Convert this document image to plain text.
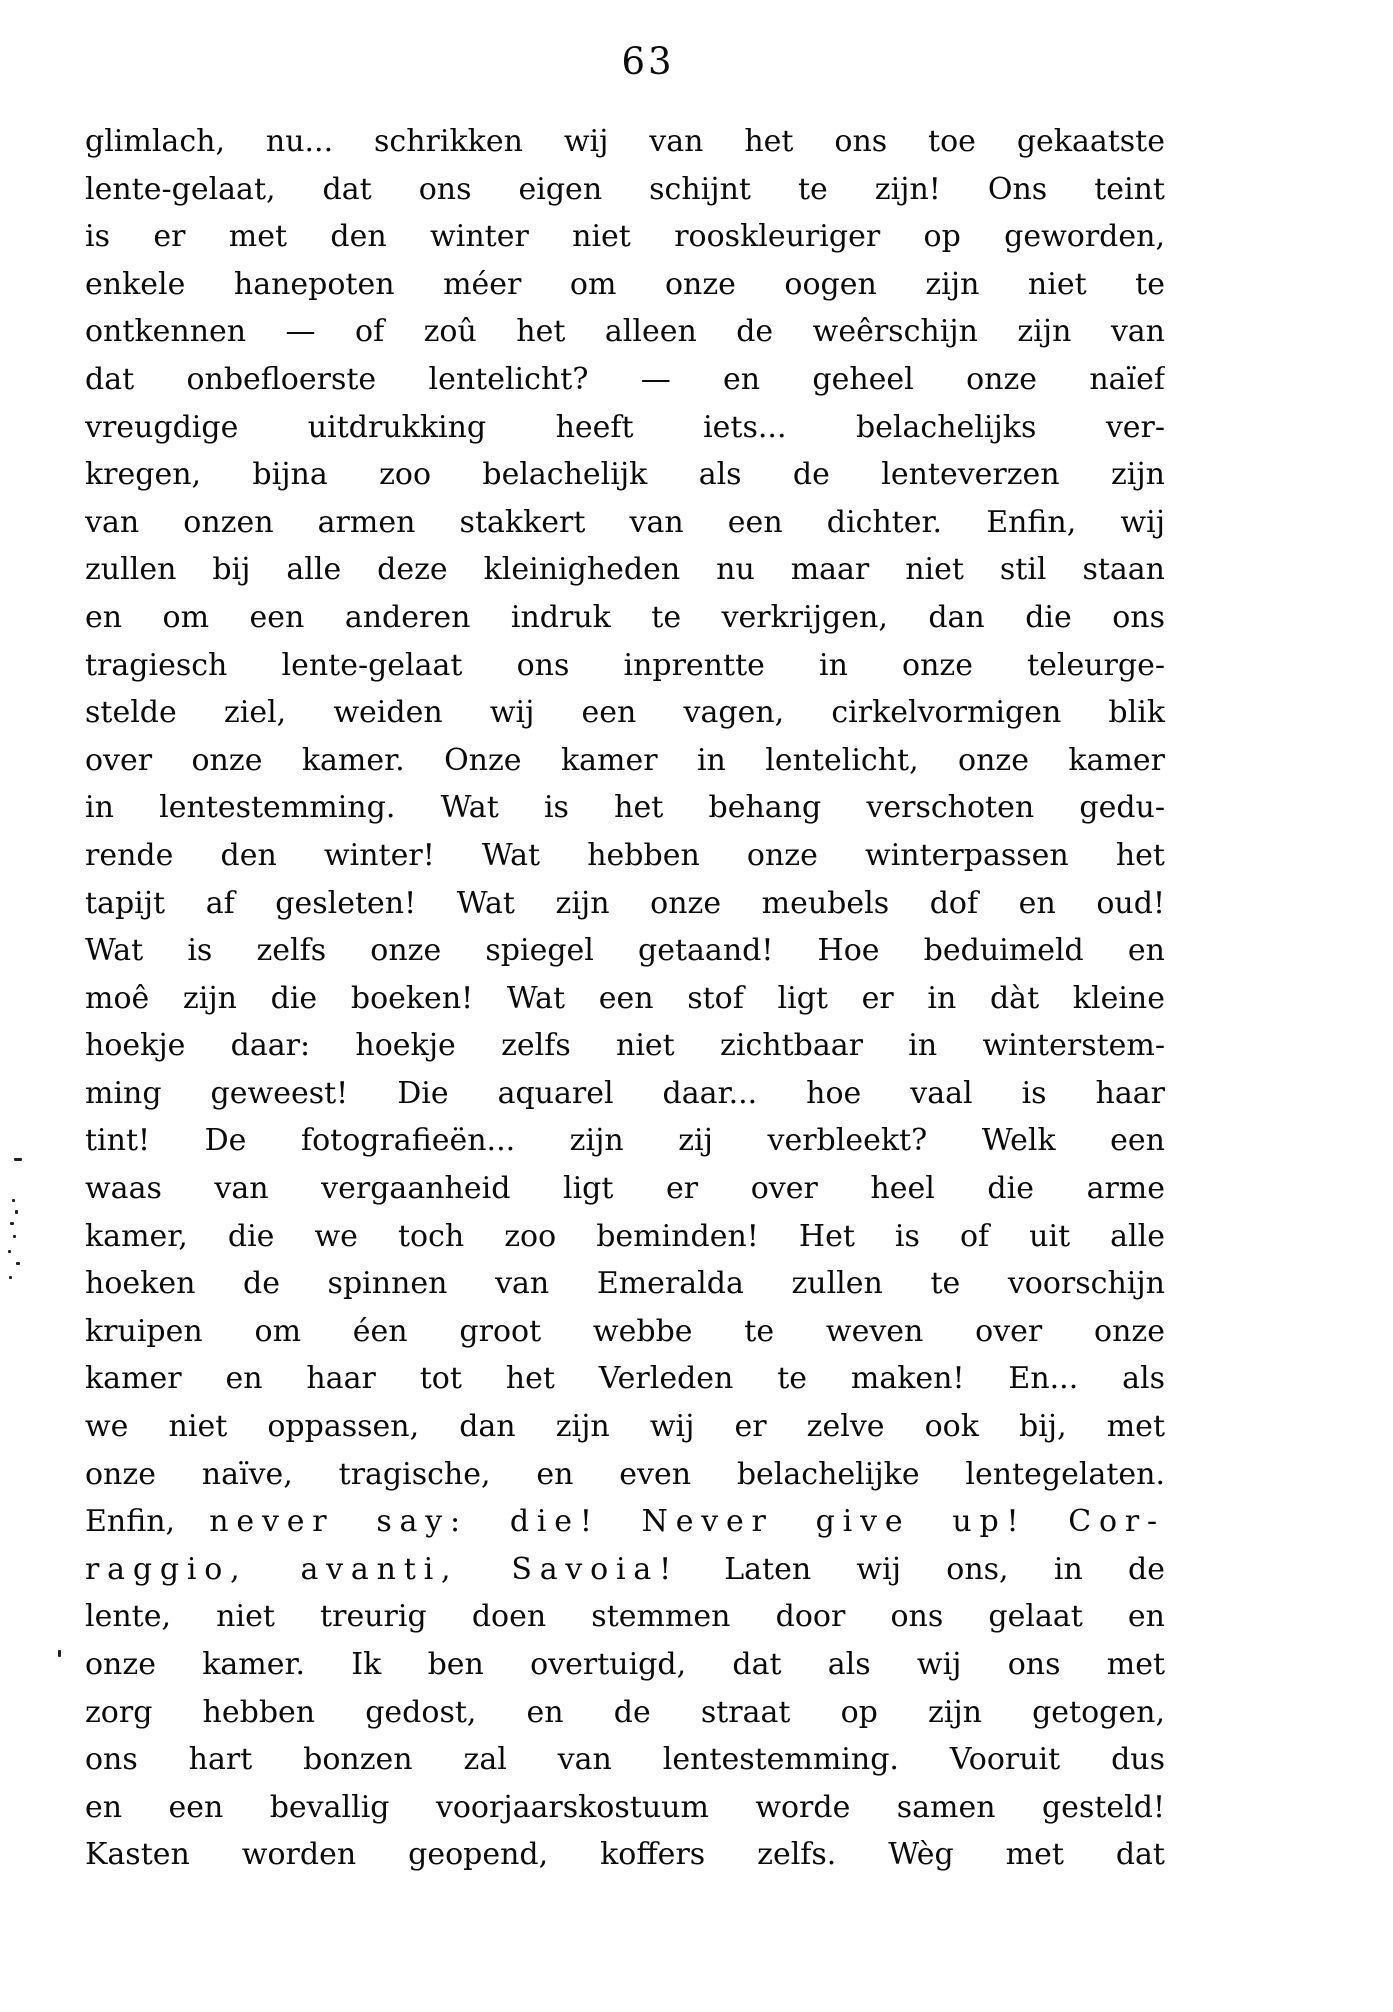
63
glimlach, nu... schrikken wij van het ons toe gekaatste
lente-gelaat, dat ons eigen schijnt te zijn! Ons teint
is er met den winter niet rooskleuriger op geworden,
enkele hanepoten méer om onze oogen zijn niet te
ontkennen — of zoû het alleen de weêrschijn zijn van
dat onbefloerste lentelicht? — en geheel onze naïef
vreugdige uitdrukking heeft iets... belachelijks ver-
kregen, bijna zoo belachelijk als de lenteverzen zijn
van onzen armen stakkert van een dichter. Enfin, wij
zullen bij alle deze kleinigheden nu maar niet stil staan
en om een anderen indruk te verkrijgen, dan die ons
tragiesch lente-gelaat ons inprentte in onze teleurge-
stelde ziel, weiden wij een vagen, cirkelvormigen blik
over onze kamer. Onze kamer in lentelicht, onze kamer
in lentestemming. Wat is het behang verschoten gedu-
rende den winter! Wat hebben onze winterpassen het
tapijt af gesleten! Wat zijn onze meubels dof en oud!
Wat is zelfs onze spiegel getaand! Hoe beduimeld en
moê zijn die boeken! Wat een stof ligt er in dàt kleine
hoekje daar: hoekje zelfs niet zichtbaar in winterstem-
ming geweest! Die aquarel daar... hoe vaal is haar
tint! De fotografieën... zijn zij verbleekt? Welk een
waas van vergaanheid ligt er over heel die arme
kamer, die we toch zoo beminden! Het is of uit alle
hoeken de spinnen van Emeralda zullen te voorschijn
kruipen om éen groot webbe te weven over onze
kamer en haar tot het Verleden te maken! En... als
we niet oppassen, dan zijn wij er zelve ook bij, met
onze naïve, tragische, en even belachelijke lentegelaten.
Enfin, never say: die! Never give up! Cor-
raggio, avanti, Savoia! Laten wij ons, in de
lente, niet treurig doen stemmen door ons gelaat en
onze kamer. Ik ben overtuigd, dat als wij ons met
zorg hebben gedost, en de straat op zijn getogen,
ons hart bonzen zal van lentestemming. Vooruit dus
en een bevallig voorjaarskostuum worde samen gesteld!
Kasten worden geopend, koffers zelfs. Wèg met dat
